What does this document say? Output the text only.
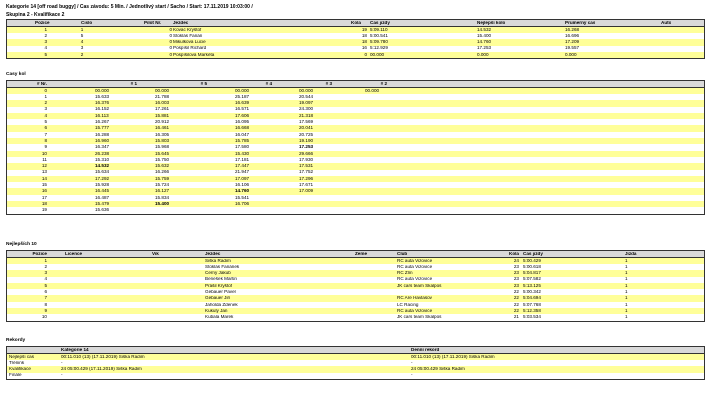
Kategorie 14 [off road buggy] / Cas závodu: 5 Min. / Jednotlivý start / Sacho / Start: 17.11.2019 10:03:00 /
Skupina 2 - Kvalifikace 2
Pozice	Cislo	Pilot Nr.	Jezdec	Kola Cas jizdy	Nejlepší kolo	Prumerný cas	Auto
1	1	0 Kovác Kryštof	19 5:09.110	14.532	16.268
2	5	0 Stoklás Fanán	18 5:00.541	15.400	16.696
3	4	0 Mikulková Lucie	18 5:09.780	14.760	17.209
4	3	0 Pospíšil Richard	16 5:12.929	17.253	19.557
5	2	0 Pospíšilová Markéta	0 00.000	0.000	0.000
Casy kol
# Nr.	# 1	# 5	# 4	# 3	# 2
0	00.000	00.000	00.000	00.000	00.000
1	15.633	21.788	25.187	20.544
2	16.376	16.003	16.639	19.097
3	16.152	17.261	16.571	24.300
4	16.113	15.881	17.606	21.318
5	16.267	20.912	16.095	17.569
6	15.777	16.461	16.668	20.041
7	16.288	16.305	16.047	20.725
8	16.960	15.803	15.785	19.190
9	16.347	15.968	17.580	17.253
10	26.238	15.645	15.430	29.666
11	15.310	15.750	17.181	17.930
12	14.532	15.632	17.447	17.531
13	15.634	16.266	21.947	17.752
14	17.292	15.759	17.097	17.296
15	15.928	15.724	16.106	17.671
16	16.445	16.127	14.760	17.009
17	16.487	15.834	15.541
18	15.479	15.400	16.706
19	15.636
Nejlepších 10
Pozice	Licence	Vik	Jezdec	Zeme	Club	Kola Cas jizdy	Jizda
1	Šiška Radim	RC auta Vizovice	24 5:00.429	1
2	Stoklás Fanánek	RC auta Vizovice	23 5:00.618	1
3	Cerný Jakub	RC Zlín	23 5:04.817	1
4	Benešek Martin	RC auta Vizovice	23 5:07.582	1
5	Prášil Kryštof	JK cars team Skalpos	23 5:13.125	1
6	Gebauer Pavel	22 5:00.342	1
7	Gebauer Jirí	RC Are Havlasov	22 5:04.694	1
8	Jaholda Zdenek	LC Racing	22 5:07.768	1
9	Kukulý Jan	RC auta Vizovice	22 5:12.358	1
10	Kubala Marek	JK cars team Skalpos	21 5:03.534	1
Rekordy
Kategorie 14	Denní rekord
Nejlepší cas	00:11.010 (13) (17.11.2019) Šiška Radim	00:11.010 (13) (17.11.2019) Šiška Radim
Trénink	-	-
Kvalifikace	24 05:00.429 (17.11.2019) Šiška Radim	24 05:00.429 Šiška Radim
Finále	-	-
